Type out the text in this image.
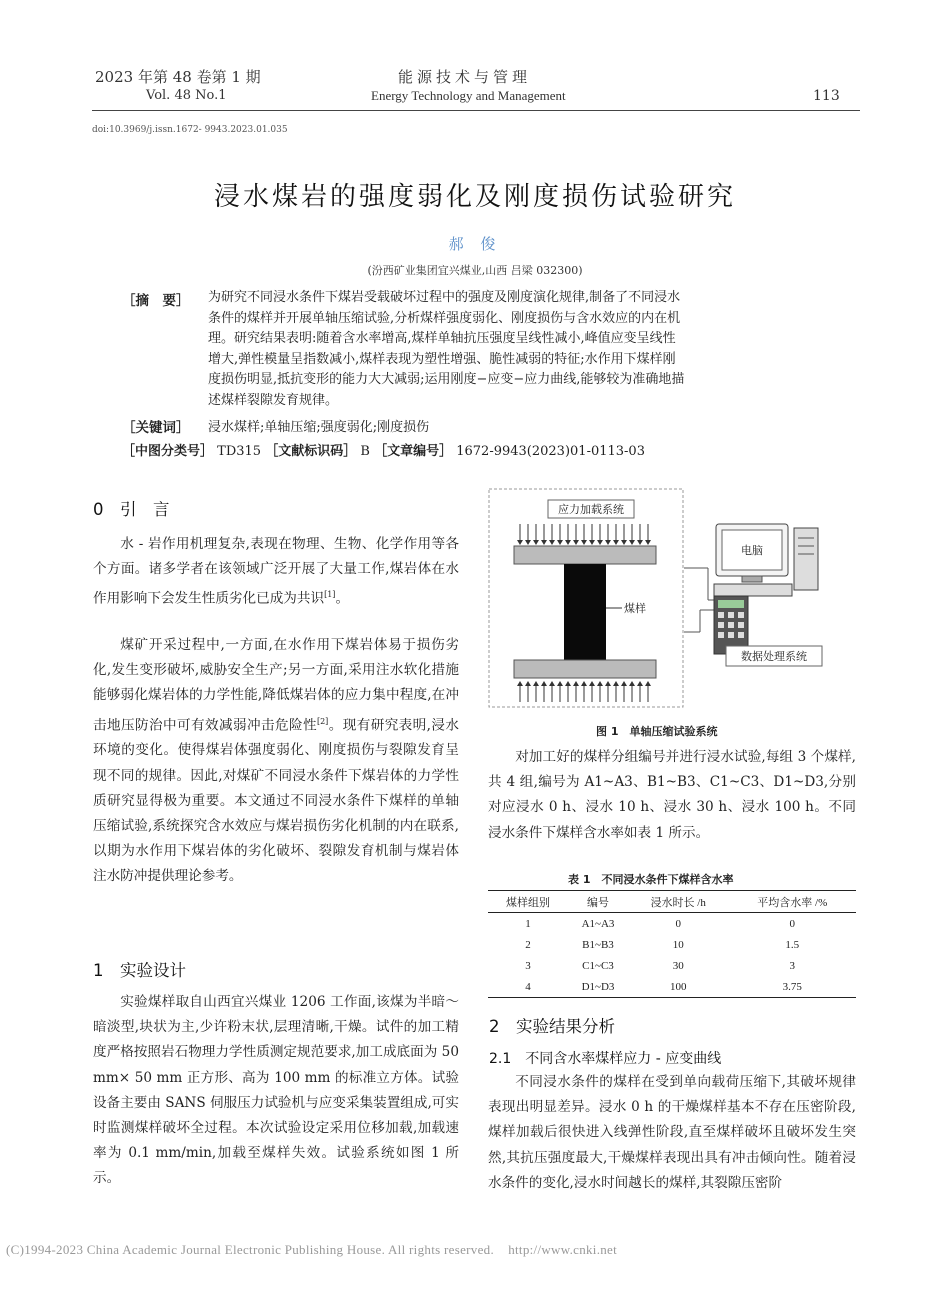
2023 年第 48 卷第 1 期
Vol. 48 No.1
能源技术与管理
Energy Technology and Management	113
doi:10.3969/j.issn.1672- 9943.2023.01.035
浸水煤岩的强度弱化及刚度损伤试验研究
郝 俊
(汾西矿业集团宜兴煤业,山西 吕梁 032300)
［摘　要］ 为研究不同浸水条件下煤岩受载破坏过程中的强度及刚度演化规律,制备了不同浸水
条件的煤样并开展单轴压缩试验,分析煤样强度弱化、刚度损伤与含水效应的内在机
理。研究结果表明:随着含水率增高,煤样单轴抗压强度呈线性减小,峰值应变呈线性
增大,弹性模量呈指数减小,煤样表现为塑性增强、脆性减弱的特征;水作用下煤样刚
度损伤明显,抵抗变形的能力大大减弱;运用刚度−应变−应力曲线,能够较为准确地描
述煤样裂隙发育规律。
［关键词］ 浸水煤样;单轴压缩;强度弱化;刚度损伤
［中图分类号］ TD315 ［文献标识码］ B ［文章编号］ 1672-9943(2023)01-0113-03
0　引　言
水 - 岩作用机理复杂,表现在物理、生物、化学作用等各个方面。诸多学者在该领域广泛开展了大量工作,煤岩体在水作用影响下会发生性质劣化已成为共识[1]。
煤矿开采过程中,一方面,在水作用下煤岩体易于损伤劣化,发生变形破坏,威胁安全生产;另一方面,采用注水软化措施能够弱化煤岩体的力学性能,降低煤岩体的应力集中程度,在冲击地压防治中可有效减弱冲击危险性[2]。现有研究表明,浸水环境的变化。使得煤岩体强度弱化、刚度损伤与裂隙发育呈现不同的规律。因此,对煤矿不同浸水条件下煤岩体的力学性质研究显得极为重要。本文通过不同浸水条件下煤样的单轴压缩试验,系统探究含水效应与煤岩损伤劣化机制的内在联系,以期为水作用下煤岩体的劣化破坏、裂隙发育机制与煤岩体注水防冲提供理论参考。
1　实验设计
实验煤样取自山西宜兴煤业 1206 工作面,该煤为半暗～暗淡型,块状为主,少许粉末状,层理清晰,干燥。试件的加工精度严格按照岩石物理力学性质测定规范要求,加工成底面为 50 mm× 50 mm 正方形、高为 100 mm 的标准立方体。试验设备主要由 SANS 伺服压力试验机与应变采集装置组成,可实时监测煤样破坏全过程。本次试验设定采用位移加载,加载速率为 0.1 mm/min,加载至煤样失效。试验系统如图 1 所示。
应力加载系统
煤样
电脑
数据处理系统
图 1　单轴压缩试验系统
对加工好的煤样分组编号并进行浸水试验,每组 3 个煤样,共 4 组,编号为 A1~A3、B1~B3、C1~C3、D1~D3,分别对应浸水 0 h、浸水 10 h、浸水 30 h、浸水 100 h。不同浸水条件下煤样含水率如表 1 所示。
表 1　不同浸水条件下煤样含水率
煤样组别	编号	浸水时长 /h	平均含水率 /%
1	A1~A3	0	0
2	B1~B3	10	1.5
3	C1~C3	30	3
4	D1~D3	100	3.75
2　实验结果分析
2.1　不同含水率煤样应力 - 应变曲线
不同浸水条件的煤样在受到单向载荷压缩下,其破坏规律表现出明显差异。浸水 0 h 的干燥煤样基本不存在压密阶段,煤样加载后很快进入线弹性阶段,直至煤样破坏且破坏发生突然,其抗压强度最大,干燥煤样表现出具有冲击倾向性。随着浸水条件的变化,浸水时间越长的煤样,其裂隙压密阶
(C)1994-2023 China Academic Journal Electronic Publishing House. All rights reserved.    http://www.cnki.net
